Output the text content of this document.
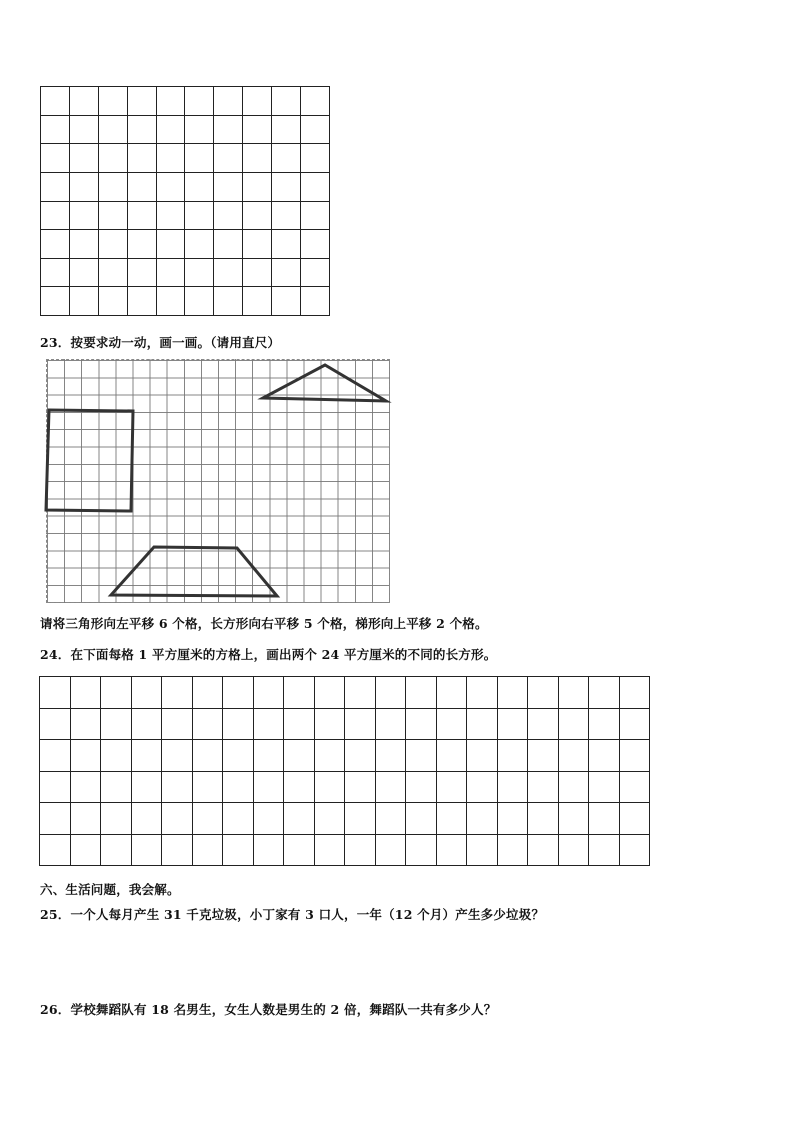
23．按要求动一动，画一画。（请用直尺）
请将三角形向左平移 6 个格，长方形向右平移 5 个格，梯形向上平移 2 个格。
24．在下面每格 1 平方厘米的方格上，画出两个 24 平方厘米的不同的长方形。

六、生活问题，我会解。
25．一个人每月产生 31 千克垃圾，小丁家有 3 口人，一年（12 个月）产生多少垃圾？
26．学校舞蹈队有 18 名男生，女生人数是男生的 2 倍，舞蹈队一共有多少人？
